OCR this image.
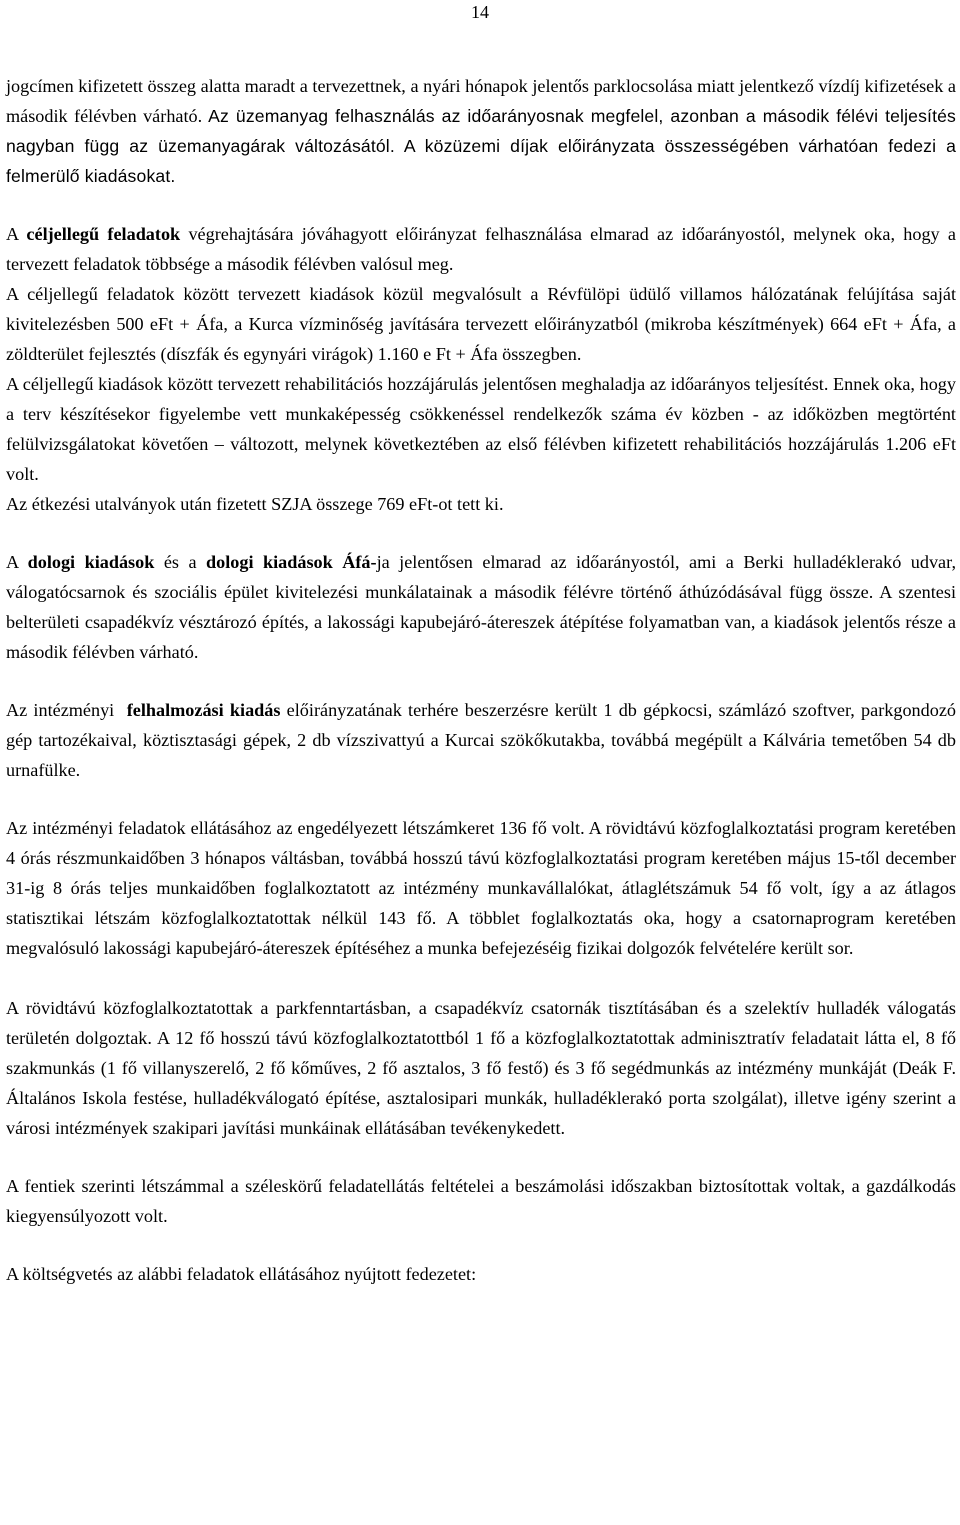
14

jogcímen kifizetett összeg alatta maradt a tervezettnek, a nyári hónapok jelentős parklocsolása miatt jelentkező vízdíj kifizetések a második félévben várható. Az üzemanyag felhasználás az időarányosnak megfelel, azonban a második félévi teljesítés nagyban függ az üzemanyagárak változásától. A közüzemi díjak előirányzata összességében várhatóan fedezi a felmerülő kiadásokat.

A céljellegű feladatok végrehajtására jóváhagyott előirányzat felhasználása elmarad az időarányostól, melynek oka, hogy a tervezett feladatok többsége a második félévben valósul meg.

A céljellegű feladatok között tervezett kiadások közül megvalósult a Révfülöpi üdülő villamos hálózatának felújítása saját kivitelezésben 500 eFt + Áfa, a Kurca vízminőség javítására tervezett előirányzatból (mikroba készítmények) 664 eFt + Áfa, a zöldterület fejlesztés (díszfák és egynyári virágok) 1.160 e Ft + Áfa összegben.

A céljellegű kiadások között tervezett rehabilitációs hozzájárulás jelentősen meghaladja az időarányos teljesítést. Ennek oka, hogy a terv készítésekor figyelembe vett munkaképesség csökkenéssel rendelkezők száma év közben - az időközben megtörtént felülvizsgálatokat követően – változott, melynek következtében az első félévben kifizetett rehabilitációs hozzájárulás 1.206 eFt volt.

Az étkezési utalványok után fizetett SZJA összege 769 eFt-ot tett ki.

A dologi kiadások és a dologi kiadások Áfá-ja jelentősen elmarad az időarányostól, ami a Berki hulladéklerakó udvar, válogatócsarnok és szociális épület kivitelezési munkálatainak a második félévre történő áthúzódásával függ össze. A szentesi belterületi csapadékvíz vésztározó építés, a lakossági kapubejáró-átereszek átépítése folyamatban van, a kiadások jelentős része a második félévben várható.

Az intézményi  felhalmozási kiadás előirányzatának terhére beszerzésre került 1 db gépkocsi, számlázó szoftver, parkgondozó gép tartozékaival, köztisztasági gépek, 2 db vízszivattyú a Kurcai szökőkutakba, továbbá megépült a Kálvária temetőben 54 db urnafülke.

Az intézményi feladatok ellátásához az engedélyezett létszámkeret 136 fő volt. A rövidtávú közfoglalkoztatási program keretében 4 órás részmunkaidőben 3 hónapos váltásban, továbbá hosszú távú közfoglalkoztatási program keretében május 15-től december 31-ig 8 órás teljes munkaidőben foglalkoztatott az intézmény munkavállalókat, átlaglétszámuk 54 fő volt, így a az átlagos statisztikai létszám közfoglalkoztatottak nélkül 143 fő. A többlet foglalkoztatás oka, hogy a csatornaprogram keretében megvalósuló lakossági kapubejáró-átereszek építéséhez a munka befejezéséig fizikai dolgozók felvételére került sor.

A rövidtávú közfoglalkoztatottak a parkfenntartásban, a csapadékvíz csatornák tisztításában és a szelektív hulladék válogatás területén dolgoztak. A 12 fő hosszú távú közfoglalkoztatottból 1 fő a közfoglalkoztatottak adminisztratív feladatait látta el, 8 fő szakmunkás (1 fő villanyszerelő, 2 fő kőműves, 2 fő asztalos, 3 fő festő) és 3 fő segédmunkás az intézmény munkáját (Deák F. Általános Iskola festése, hulladékválogató építése, asztalosipari munkák, hulladéklerakó porta szolgálat), illetve igény szerint a városi intézmények szakipari javítási munkáinak ellátásában tevékenykedett.

A fentiek szerinti létszámmal a széleskörű feladatellátás feltételei a beszámolási időszakban biztosítottak voltak, a gazdálkodás kiegyensúlyozott volt.

A költségvetés az alábbi feladatok ellátásához nyújtott fedezetet:
